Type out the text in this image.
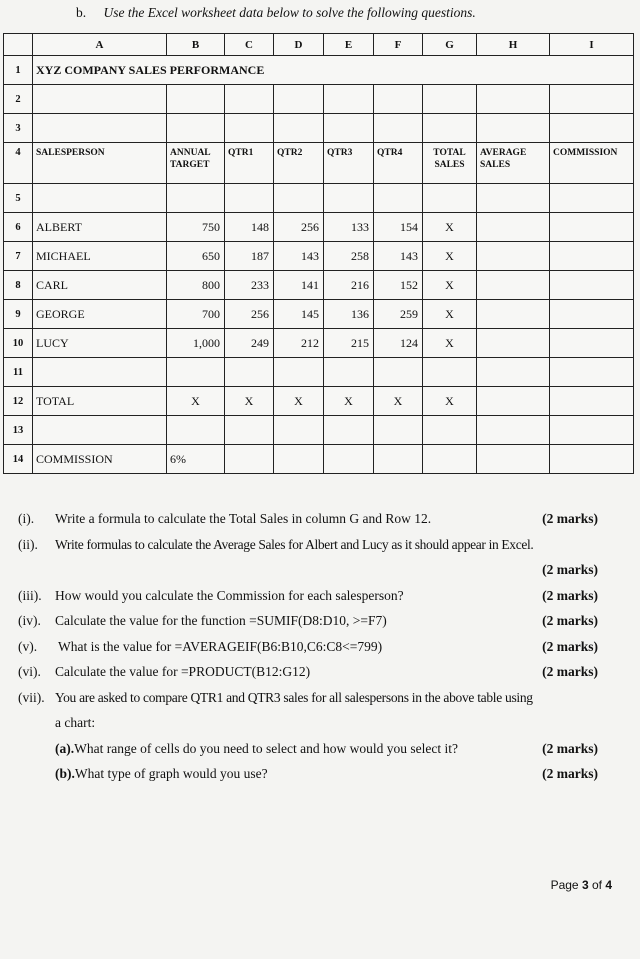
b. Use the Excel worksheet data below to solve the following questions.
	A	B	C	D	E	F	G	H	I
1	XYZ COMPANY SALES PERFORMANCE								
2									
3									
4	SALESPERSON	ANNUAL TARGET	QTR1	QTR2	QTR3	QTR4	TOTAL SALES	AVERAGE SALES	COMMISSION
5									
6	ALBERT	750	148	256	133	154	X		
7	MICHAEL	650	187	143	258	143	X		
8	CARL	800	233	141	216	152	X		
9	GEORGE	700	256	145	136	259	X		
10	LUCY	1,000	249	212	215	124	X		
11									
12	TOTAL	X	X	X	X	X	X		
13									
14	COMMISSION	6%							
(i). Write a formula to calculate the Total Sales in column G and Row 12.	(2 marks)
(ii). Write formulas to calculate the Average Sales for Albert and Lucy as it should appear in Excel.
(2 marks)
(iii). How would you calculate the Commission for each salesperson?	(2 marks)
(iv). Calculate the value for the function =SUMIF(D8:D10, >=F7)	(2 marks)
(v). What is the value for =AVERAGEIF(B6:B10,C6:C8<=799)	(2 marks)
(vi). Calculate the value for =PRODUCT(B12:G12)	(2 marks)
(vii). You are asked to compare QTR1 and QTR3 sales for all salespersons in the above table using
a chart:
(a).What range of cells do you need to select and how would you select it?	(2 marks)
(b).What type of graph would you use?	(2 marks)
Page 3 of 4
